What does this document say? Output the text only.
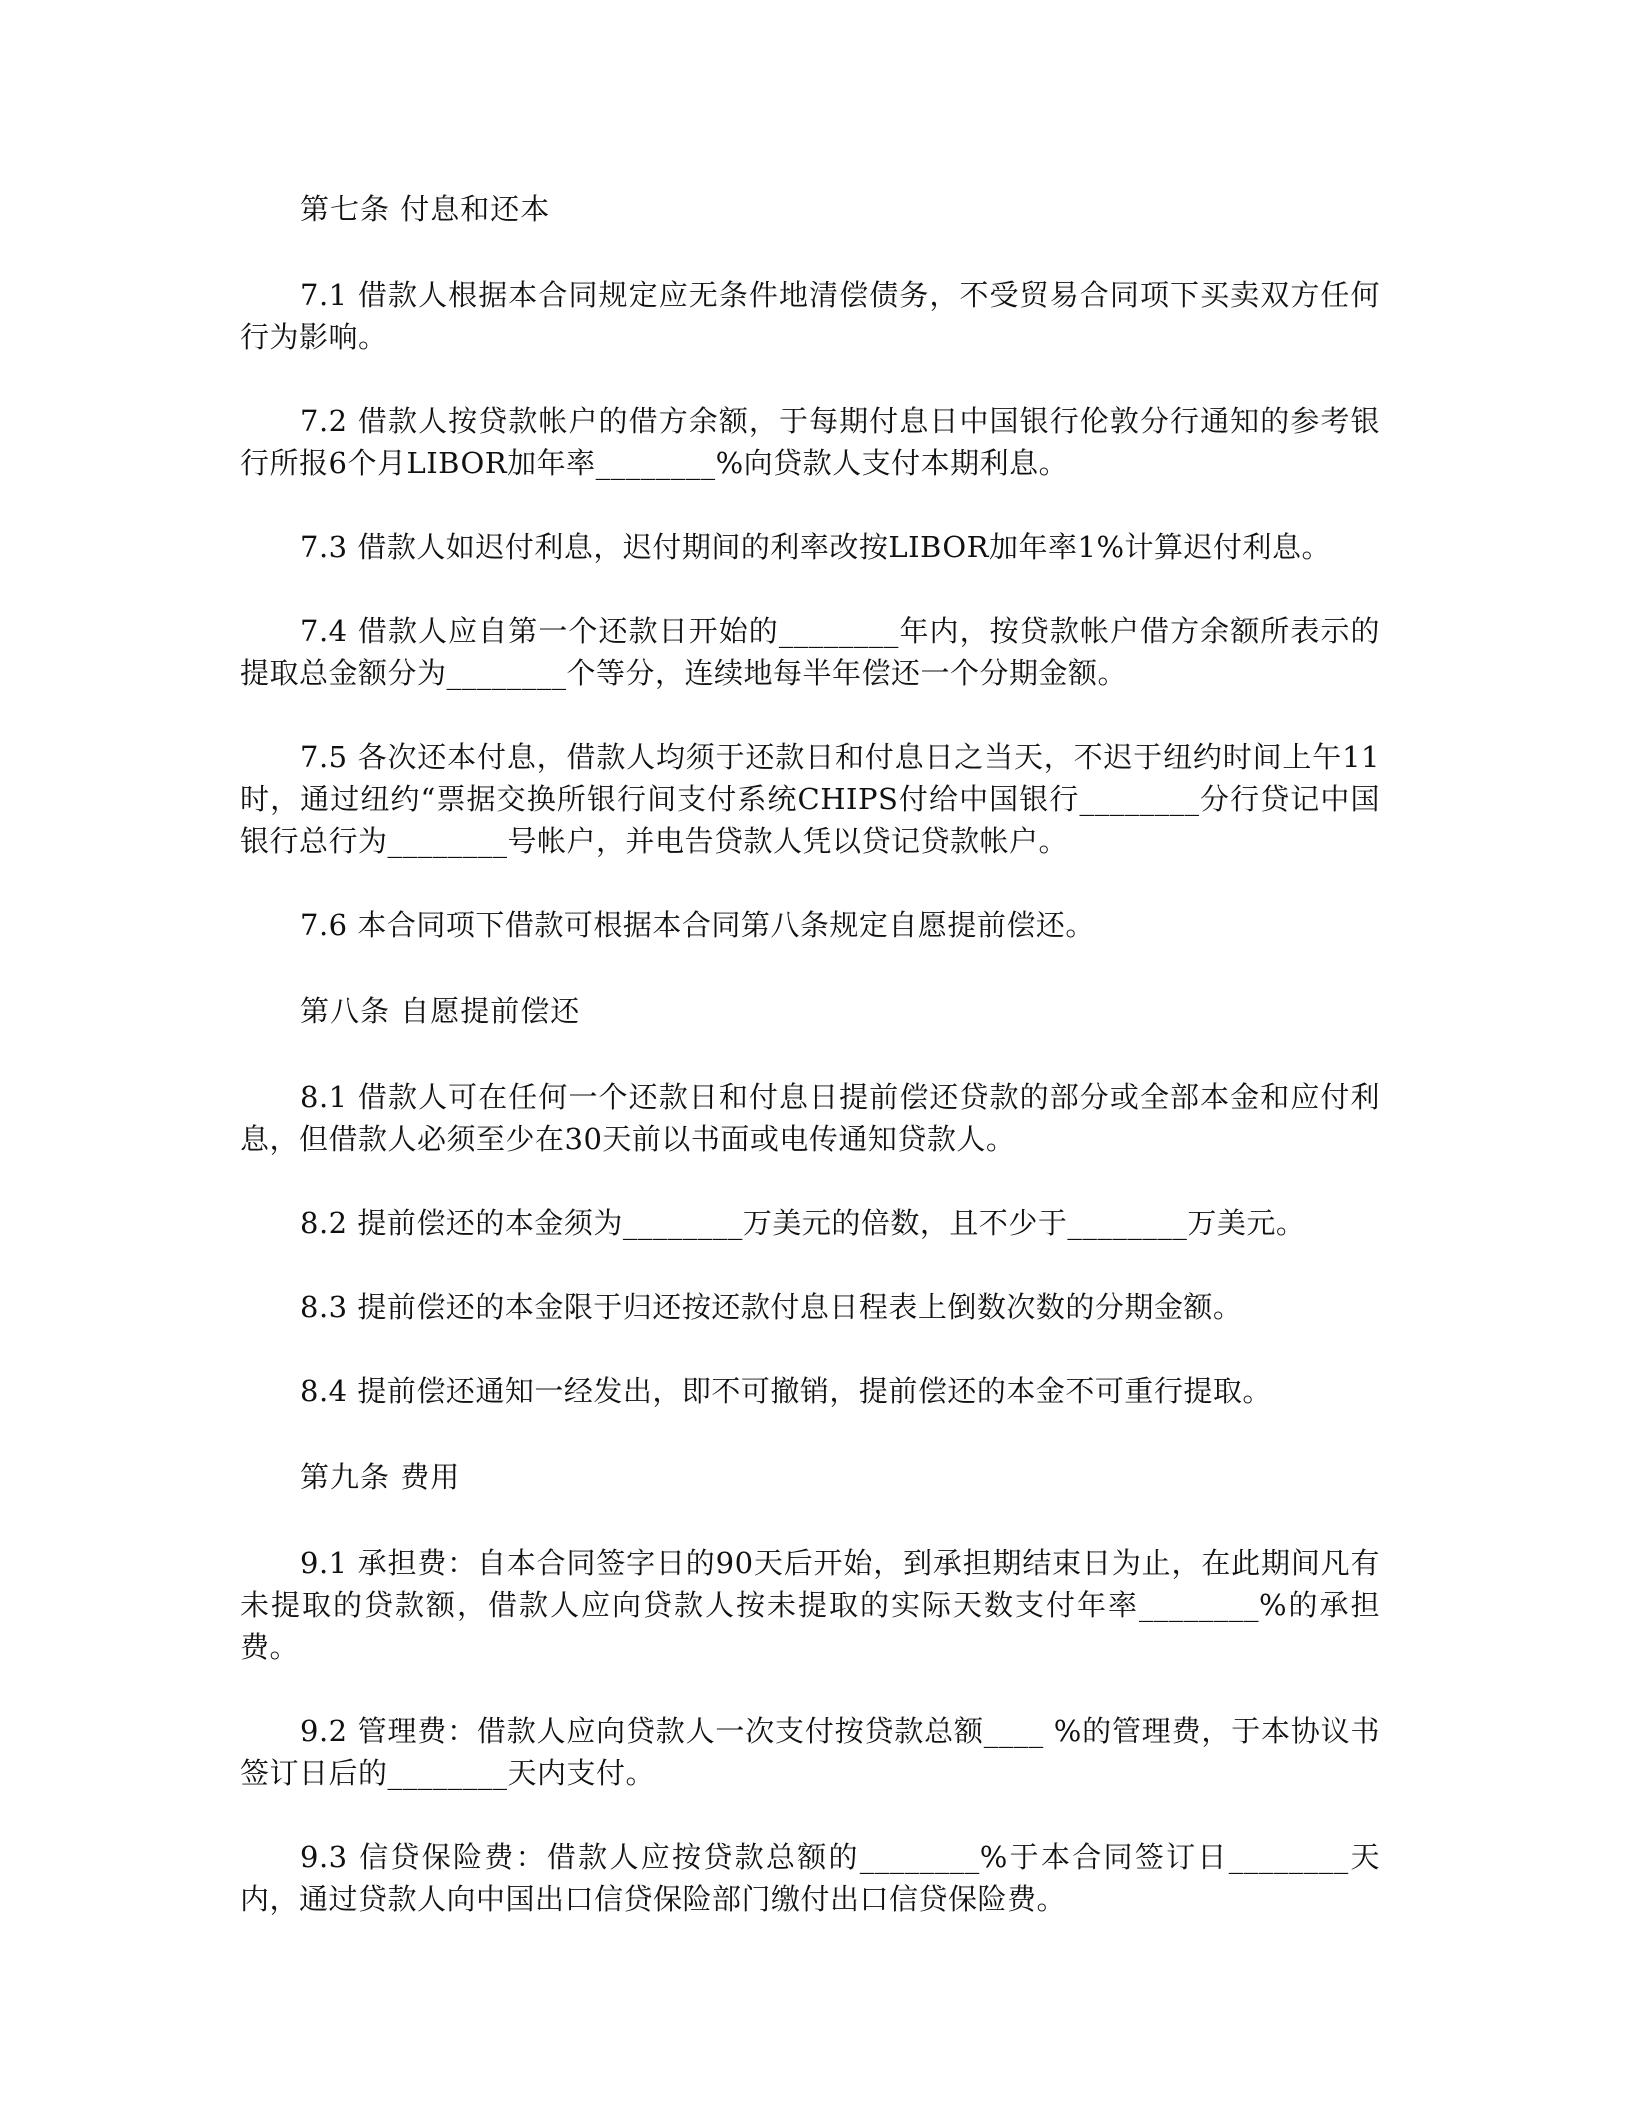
第七条 付息和还本

7.1 借款人根据本合同规定应无条件地清偿债务，不受贸易合同项下买卖双方任何行为影响。

7.2 借款人按贷款帐户的借方余额，于每期付息日中国银行伦敦分行通知的参考银行所报6个月LIBOR加年率________%向贷款人支付本期利息。

7.3 借款人如迟付利息，迟付期间的利率改按LIBOR加年率1%计算迟付利息。

7.4 借款人应自第一个还款日开始的________年内，按贷款帐户借方余额所表示的提取总金额分为________个等分，连续地每半年偿还一个分期金额。

7.5 各次还本付息，借款人均须于还款日和付息日之当天，不迟于纽约时间上午11时，通过纽约“票据交换所银行间支付系统CHIPS付给中国银行________分行贷记中国银行总行为________号帐户，并电告贷款人凭以贷记贷款帐户。

7.6 本合同项下借款可根据本合同第八条规定自愿提前偿还。

第八条 自愿提前偿还

8.1 借款人可在任何一个还款日和付息日提前偿还贷款的部分或全部本金和应付利息，但借款人必须至少在30天前以书面或电传通知贷款人。

8.2 提前偿还的本金须为________万美元的倍数，且不少于________万美元。

8.3 提前偿还的本金限于归还按还款付息日程表上倒数次数的分期金额。

8.4 提前偿还通知一经发出，即不可撤销，提前偿还的本金不可重行提取。

第九条 费用

9.1 承担费：自本合同签字日的90天后开始，到承担期结束日为止，在此期间凡有未提取的贷款额，借款人应向贷款人按未提取的实际天数支付年率________%的承担费。

9.2 管理费：借款人应向贷款人一次支付按贷款总额____ %的管理费，于本协议书签订日后的________天内支付。

9.3 信贷保险费：借款人应按贷款总额的________%于本合同签订日________天内，通过贷款人向中国出口信贷保险部门缴付出口信贷保险费。
